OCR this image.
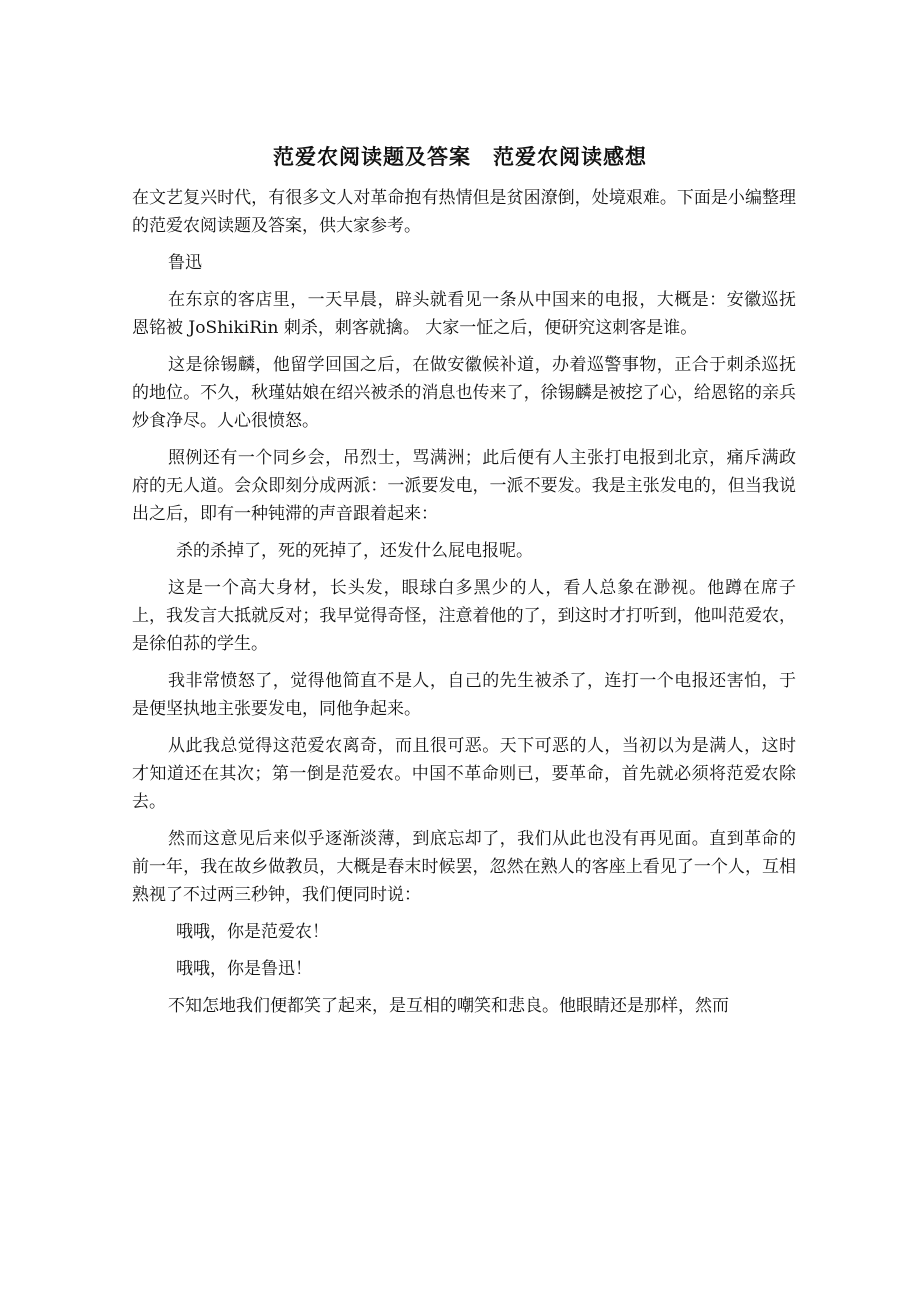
范爱农阅读题及答案　范爱农阅读感想

在文艺复兴时代，有很多文人对革命抱有热情但是贫困潦倒，处境艰难。下面是小编整理的范爱农阅读题及答案，供大家参考。

鲁迅

在东京的客店里，一天早晨，辟头就看见一条从中国来的电报，大概是：安徽巡抚恩铭被 JoShikiRin 刺杀，刺客就擒。 大家一怔之后，便研究这刺客是谁。

这是徐锡麟，他留学回国之后，在做安徽候补道，办着巡警事物，正合于刺杀巡抚的地位。不久，秋瑾姑娘在绍兴被杀的消息也传来了，徐锡麟是被挖了心，给恩铭的亲兵炒食净尽。人心很愤怒。

照例还有一个同乡会，吊烈士，骂满洲；此后便有人主张打电报到北京，痛斥满政府的无人道。会众即刻分成两派：一派要发电，一派不要发。我是主张发电的，但当我说出之后，即有一种钝滞的声音跟着起来：

杀的杀掉了，死的死掉了，还发什么屁电报呢。

这是一个高大身材，长头发，眼球白多黑少的人，看人总象在渺视。他蹲在席子上，我发言大抵就反对；我早觉得奇怪，注意着他的了，到这时才打听到，他叫范爱农，是徐伯荪的学生。

我非常愤怒了，觉得他简直不是人，自己的先生被杀了，连打一个电报还害怕，于是便坚执地主张要发电，同他争起来。

从此我总觉得这范爱农离奇，而且很可恶。天下可恶的人，当初以为是满人，这时才知道还在其次；第一倒是范爱农。中国不革命则已，要革命，首先就必须将范爱农除去。

然而这意见后来似乎逐渐淡薄，到底忘却了，我们从此也没有再见面。直到革命的前一年，我在故乡做教员，大概是春末时候罢，忽然在熟人的客座上看见了一个人，互相熟视了不过两三秒钟，我们便同时说：

哦哦，你是范爱农！

哦哦，你是鲁迅！

不知怎地我们便都笑了起来，是互相的嘲笑和悲良。他眼睛还是那样，然而
